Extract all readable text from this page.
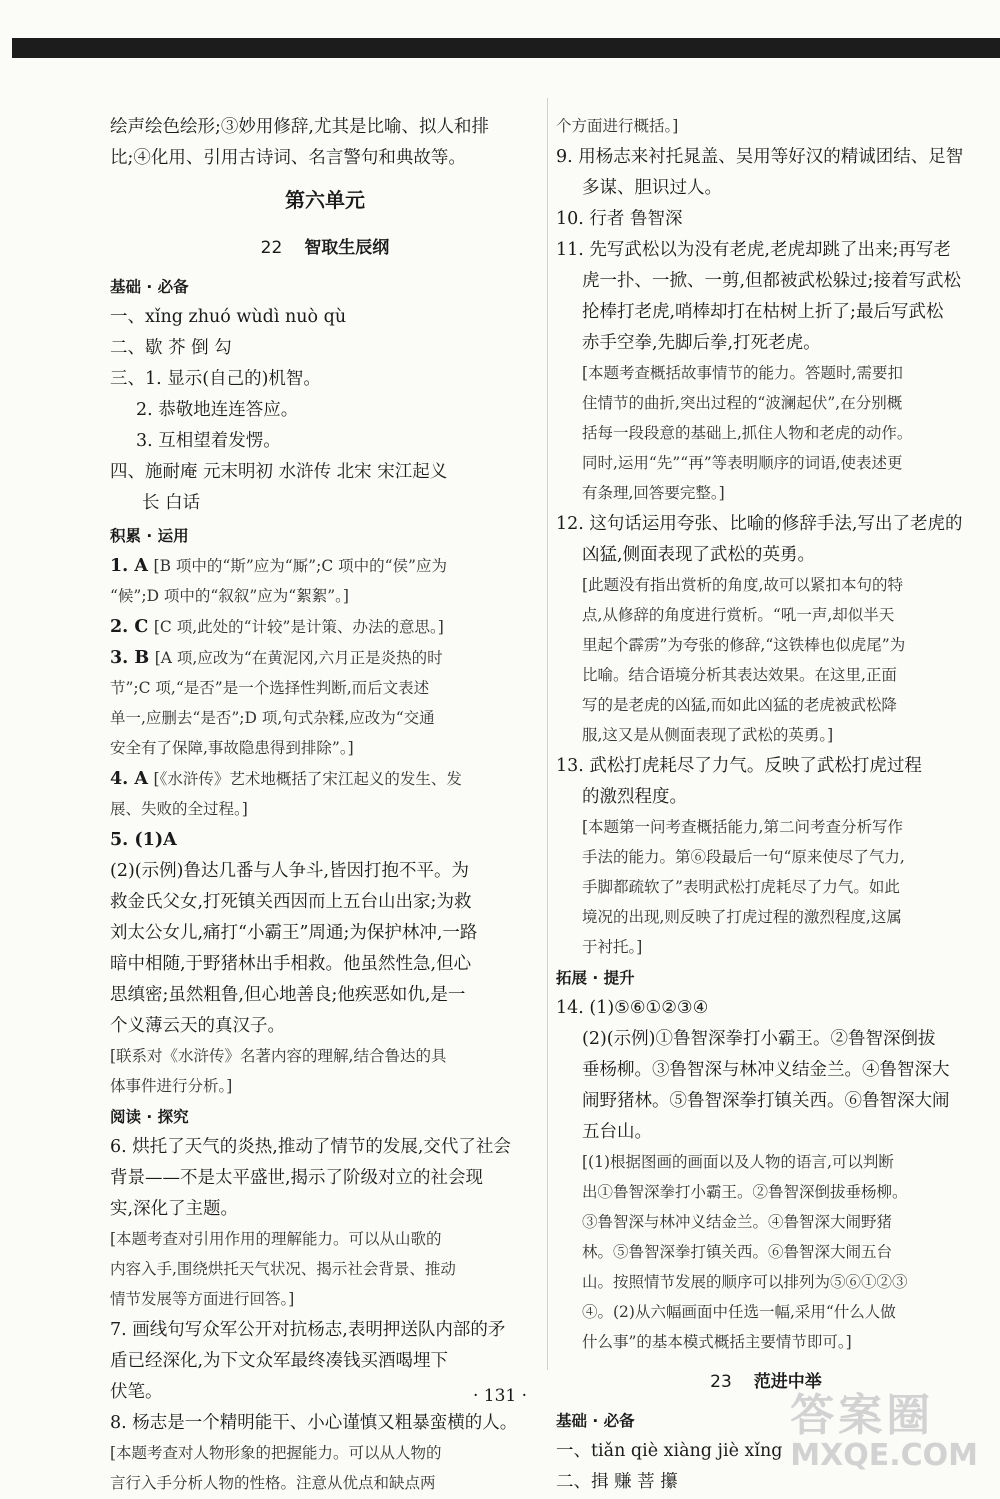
绘声绘色绘形;③妙用修辞,尤其是比喻、拟人和排

比;④化用、引用古诗词、名言警句和典故等。

第六单元
22 智取生辰纲
基础 · 必备

一、xǐng zhuó wùdì nuò qù

二、歇 芥 倒 勾

三、1. 显示(自己的)机智。

2. 恭敬地连连答应。

3. 互相望着发愣。

四、施耐庵 元末明初 水浒传 北宋 宋江起义

长 白话

积累 · 运用

1. A [B 项中的“斯”应为“厮”;C 项中的“侯”应为

“候”;D 项中的“叙叙”应为“絮絮”。]

2. C [C 项,此处的“计较”是计策、办法的意思。]

3. B [A 项,应改为“在黄泥冈,六月正是炎热的时

节”;C 项,“是否”是一个选择性判断,而后文表述

单一,应删去“是否”;D 项,句式杂糅,应改为“交通

安全有了保障,事故隐患得到排除”。]

4. A [《水浒传》艺术地概括了宋江起义的发生、发

展、失败的全过程。]

5. (1)A

(2)(示例)鲁达几番与人争斗,皆因打抱不平。为

救金氏父女,打死镇关西因而上五台山出家;为救

刘太公女儿,痛打“小霸王”周通;为保护林冲,一路

暗中相随,于野猪林出手相救。他虽然性急,但心

思缜密;虽然粗鲁,但心地善良;他疾恶如仇,是一

个义薄云天的真汉子。

[联系对《水浒传》名著内容的理解,结合鲁达的具

体事件进行分析。]

阅读 · 探究

6. 烘托了天气的炎热,推动了情节的发展,交代了社会

背景——不是太平盛世,揭示了阶级对立的社会现

实,深化了主题。

[本题考查对引用作用的理解能力。可以从山歌的

内容入手,围绕烘托天气状况、揭示社会背景、推动

情节发展等方面进行回答。]

7. 画线句写众军公开对抗杨志,表明押送队内部的矛

盾已经深化,为下文众军最终凑钱买酒喝埋下

伏笔。

8. 杨志是一个精明能干、小心谨慎又粗暴蛮横的人。

[本题考查对人物形象的把握能力。可以从人物的

言行入手分析人物的性格。注意从优点和缺点两

个方面进行概括。]

9. 用杨志来衬托晁盖、吴用等好汉的精诚团结、足智

多谋、胆识过人。

10. 行者 鲁智深

11. 先写武松以为没有老虎,老虎却跳了出来;再写老

虎一扑、一掀、一剪,但都被武松躲过;接着写武松

抡棒打老虎,哨棒却打在枯树上折了;最后写武松

赤手空拳,先脚后拳,打死老虎。

[本题考查概括故事情节的能力。答题时,需要扣

住情节的曲折,突出过程的“波澜起伏”,在分别概

括每一段段意的基础上,抓住人物和老虎的动作。

同时,运用“先”“再”等表明顺序的词语,使表述更

有条理,回答要完整。]

12. 这句话运用夸张、比喻的修辞手法,写出了老虎的

凶猛,侧面表现了武松的英勇。

[此题没有指出赏析的角度,故可以紧扣本句的特

点,从修辞的角度进行赏析。“吼一声,却似半天

里起个霹雳”为夸张的修辞,“这铁棒也似虎尾”为

比喻。结合语境分析其表达效果。在这里,正面

写的是老虎的凶猛,而如此凶猛的老虎被武松降

服,这又是从侧面表现了武松的英勇。]

13. 武松打虎耗尽了力气。反映了武松打虎过程

的激烈程度。

[本题第一问考查概括能力,第二问考查分析写作

手法的能力。第⑥段最后一句“原来使尽了气力,

手脚都疏软了”表明武松打虎耗尽了力气。如此

境况的出现,则反映了打虎过程的激烈程度,这属

于衬托。]

拓展 · 提升

14. (1)⑤⑥①②③④

(2)(示例)①鲁智深拳打小霸王。②鲁智深倒拔

垂杨柳。③鲁智深与林冲义结金兰。④鲁智深大

闹野猪林。⑤鲁智深拳打镇关西。⑥鲁智深大闹

五台山。

[(1)根据图画的画面以及人物的语言,可以判断

出①鲁智深拳打小霸王。②鲁智深倒拔垂杨柳。

③鲁智深与林冲义结金兰。④鲁智深大闹野猪

林。⑤鲁智深拳打镇关西。⑥鲁智深大闹五台

山。按照情节发展的顺序可以排列为⑤⑥①②③

④。(2)从六幅画面中任选一幅,采用“什么人做

什么事”的基本模式概括主要情节即可。]

23 范进中举
基础 · 必备

一、tiǎn qiè xiàng jiè xǐng

二、揖 赚 菩 攥

· 131 ·	答案圈
MXQE.COM
